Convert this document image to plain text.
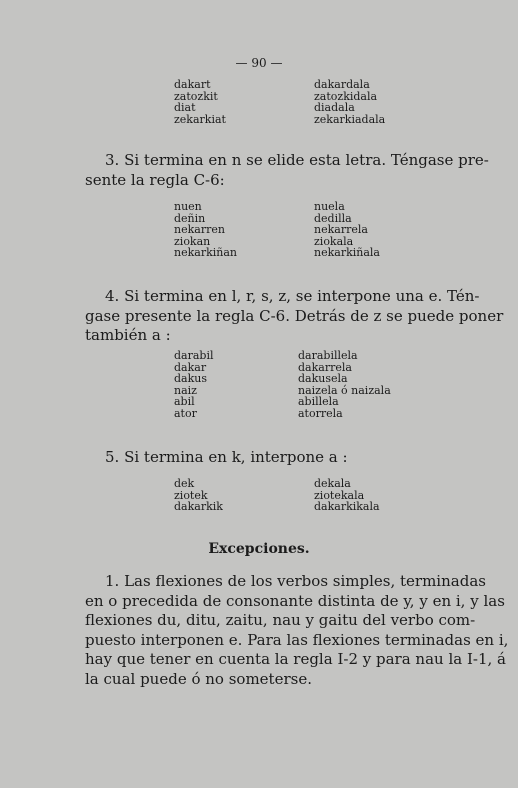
— 90 —
dakart
zatozkit
diat
zekarkiat
dakardala
zatozkidala
diadala
zekarkiadala
3. Si termina en n se elide esta letra. Téngase pre-
sente la regla C-6:
nuen
deñin
nekarren
ziokan
nekarkiñan
nuela
dedilla
nekarrela
ziokala
nekarkiñala
4. Si termina en l, r, s, z, se interpone una e. Tén-
gase presente la regla C-6. Detrás de z se puede poner
también a :
darabil
dakar
dakus
naiz
abil
ator
darabillela
dakarrela
dakusela
naizela ó naizala
abillela
atorrela
5. Si termina en k, interpone a :
dek
ziotek
dakarkik
dekala
ziotekala
dakarkikala
Excepciones.
1. Las flexiones de los verbos simples, terminadas
en o precedida de consonante distinta de y, y en i, y las
flexiones du, ditu, zaitu, nau y gaitu del verbo com-
puesto interponen e. Para las flexiones terminadas en i,
hay que tener en cuenta la regla I-2 y para nau la I-1, á
la cual puede ó no someterse.
